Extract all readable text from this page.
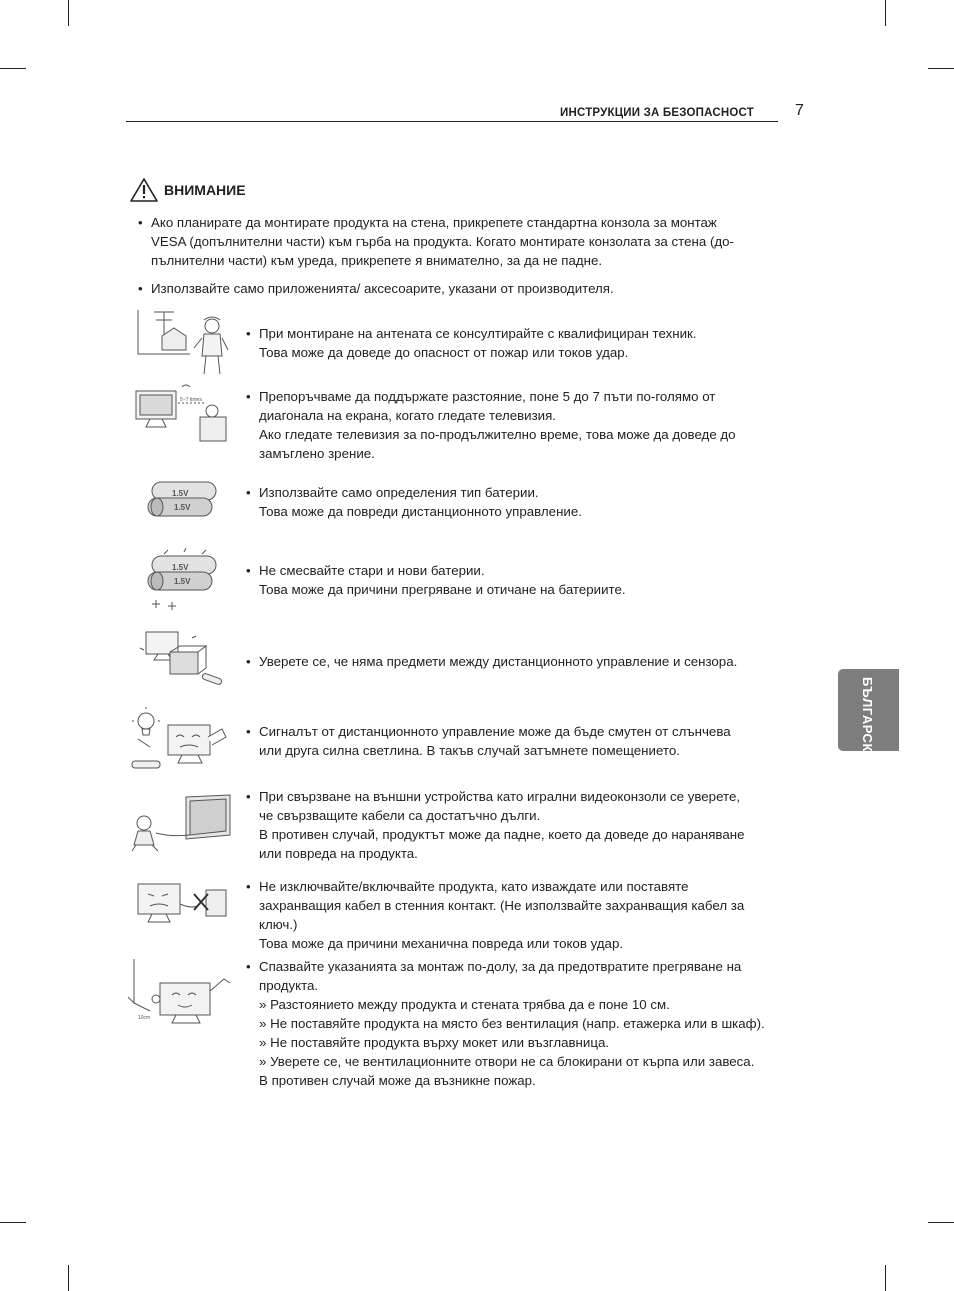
ИНСТРУКЦИИ ЗА БЕЗОПАСНОСТ	7
БЪЛГАРСКИ
ВНИМАНИЕ
• Ако планирате да монтирате продукта на стена, прикрепете стандартна конзола за монтаж
VESA (допълнителни части) към гърба на продукта. Когато монтирате конзолата за стена (до-
пълнителни части) към уреда, прикрепете я внимателно, за да не падне.
• Използвайте само приложенията/ аксесоарите, указани от производителя.
• При монтиране на антената се консултирайте с квалифициран техник.
Това може да доведе до опасност от пожар или токов удар.
5~7 times	• Препоръчваме да поддържате разстояние, поне 5 до 7 пъти по-голямо от
диагонала на екрана, когато гледате телевизия.
Ако гледате телевизия за по-продължително време, това може да доведе до
замъглено зрение.
1.5V
1.5V
• Използвайте само определения тип батерии.
Това може да повреди дистанционното управление.
1.5V
1.5V
• Не смесвайте стари и нови батерии.
Това може да причини прегряване и отичане на батериите.
• Уверете се, че няма предмети между дистанционното управление и сензора.
• Сигналът от дистанционното управление може да бъде смутен от слънчева
или друга силна светлина. В такъв случай затъмнете помещението.
• При свързване на външни устройства като игрални видеоконзоли се уверете,
че свързващите кабели са достатъчно дълги.
В противен случай, продуктът може да падне, което да доведе до нараняване
или повреда на продукта.
• Не изключвайте/включвайте продукта, като изваждате или поставяте
захранващия кабел в стенния контакт. (Не използвайте захранващия кабел за
ключ.)
Това може да причини механична повреда или токов удар.
10cm
• Спазвайте указанията за монтаж по-долу, за да предотвратите прегряване на
продукта.
» Разстоянието между продукта и стената трябва да е поне 10 см.
» Не поставяйте продукта на място без вентилация (напр. етажерка или в шкаф).
» Не поставяйте продукта върху мокет или възглавница.
» Уверете се, че вентилационните отвори не са блокирани от кърпа или завеса.
В противен случай може да възникне пожар.
